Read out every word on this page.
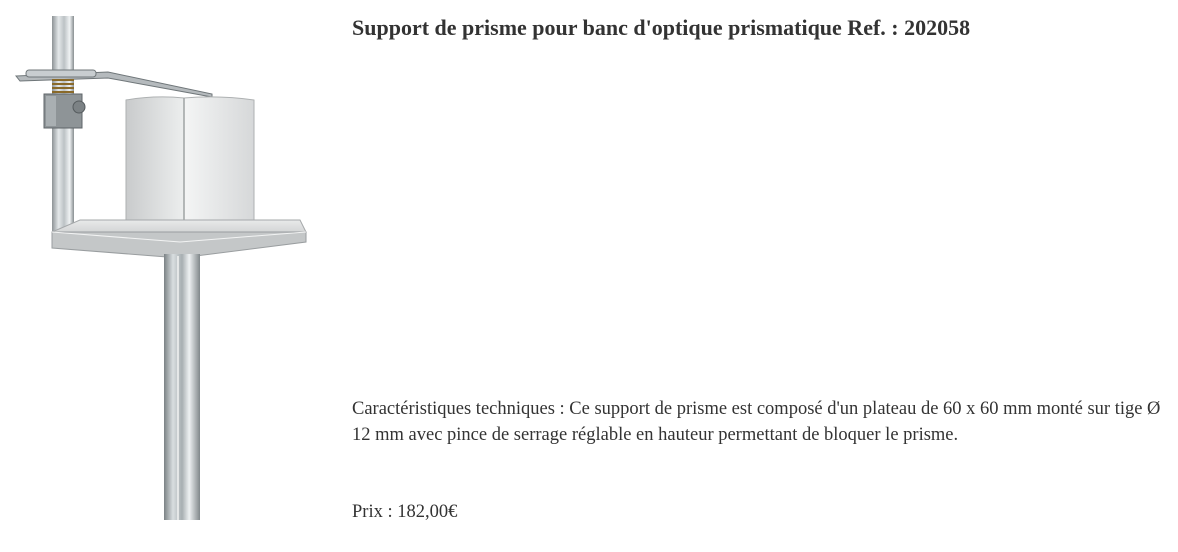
Support de prisme pour banc d'optique prismatique Ref. : 202058

Caractéristiques techniques : Ce support de prisme est composé d'un plateau de 60 x 60 mm monté sur tige Ø 12 mm avec pince de serrage réglable en hauteur permettant de bloquer le prisme.

Prix : 182,00€
